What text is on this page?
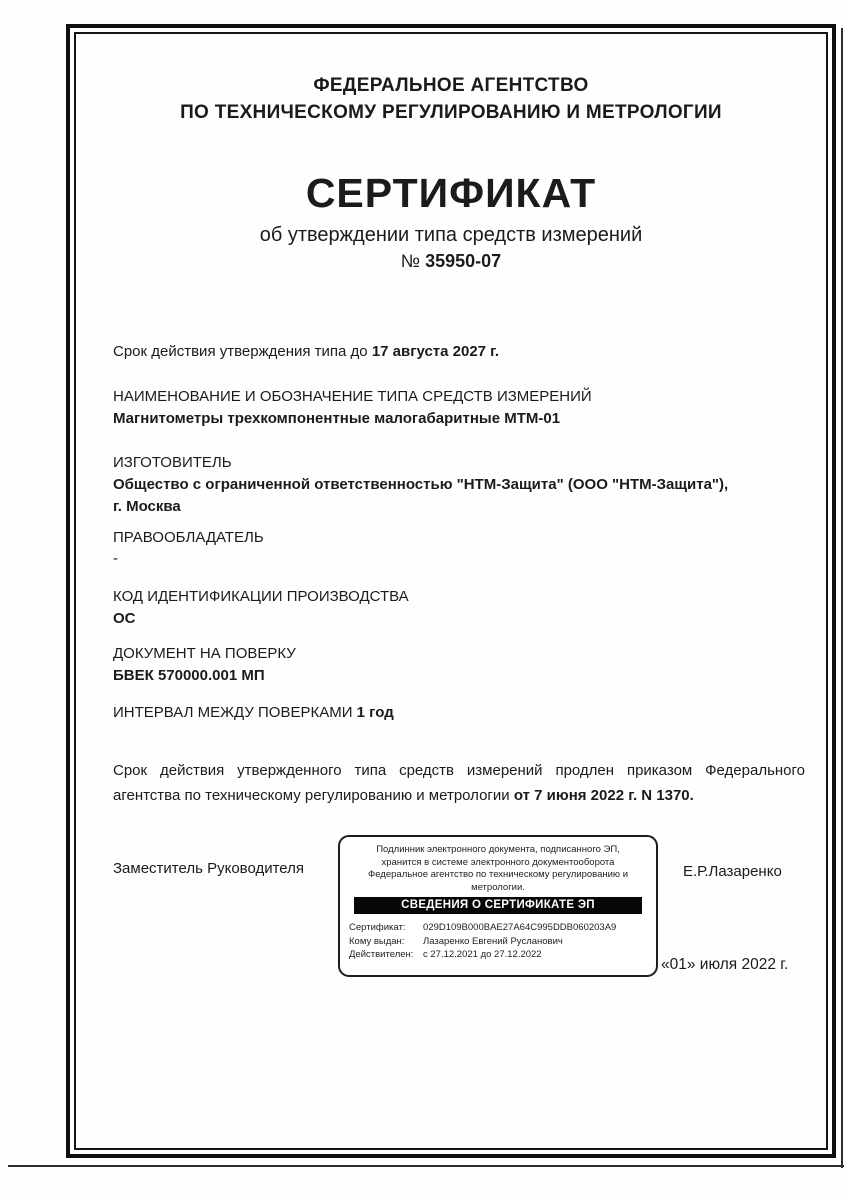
ФЕДЕРАЛЬНОЕ АГЕНТСТВО
ПО ТЕХНИЧЕСКОМУ РЕГУЛИРОВАНИЮ И МЕТРОЛОГИИ
СЕРТИФИКАТ
об утверждении типа средств измерений
№ 35950-07
Срок действия утверждения типа до 17 августа 2027 г.
НАИМЕНОВАНИЕ И ОБОЗНАЧЕНИЕ ТИПА СРЕДСТВ ИЗМЕРЕНИЙ
Магнитометры трехкомпонентные малогабаритные МТМ-01
ИЗГОТОВИТЕЛЬ
Общество с ограниченной ответственностью "НТМ-Защита" (ООО "НТМ-Защита"),
г. Москва
ПРАВООБЛАДАТЕЛЬ
-
КОД ИДЕНТИФИКАЦИИ ПРОИЗВОДСТВА
ОС
ДОКУМЕНТ НА ПОВЕРКУ
БВЕК 570000.001 МП
ИНТЕРВАЛ МЕЖДУ ПОВЕРКАМИ 1 год
Срок действия утвержденного типа средств измерений продлен приказом Федерального агентства по техническому регулированию и метрологии от 7 июня 2022 г. N 1370.
Заместитель Руководителя	Е.Р.Лазаренко
«01» июля 2022 г.
Подлинник электронного документа, подписанного ЭП,
хранится в системе электронного документооборота
Федеральное агентство по техническому регулированию и
метрологии.
СВЕДЕНИЯ О СЕРТИФИКАТЕ ЭП
Сертификат: 029D109B000BAE27A64C995DDB060203A9
Кому выдан: Лазаренко Евгений Русланович
Действителен: с 27.12.2021 до 27.12.2022
